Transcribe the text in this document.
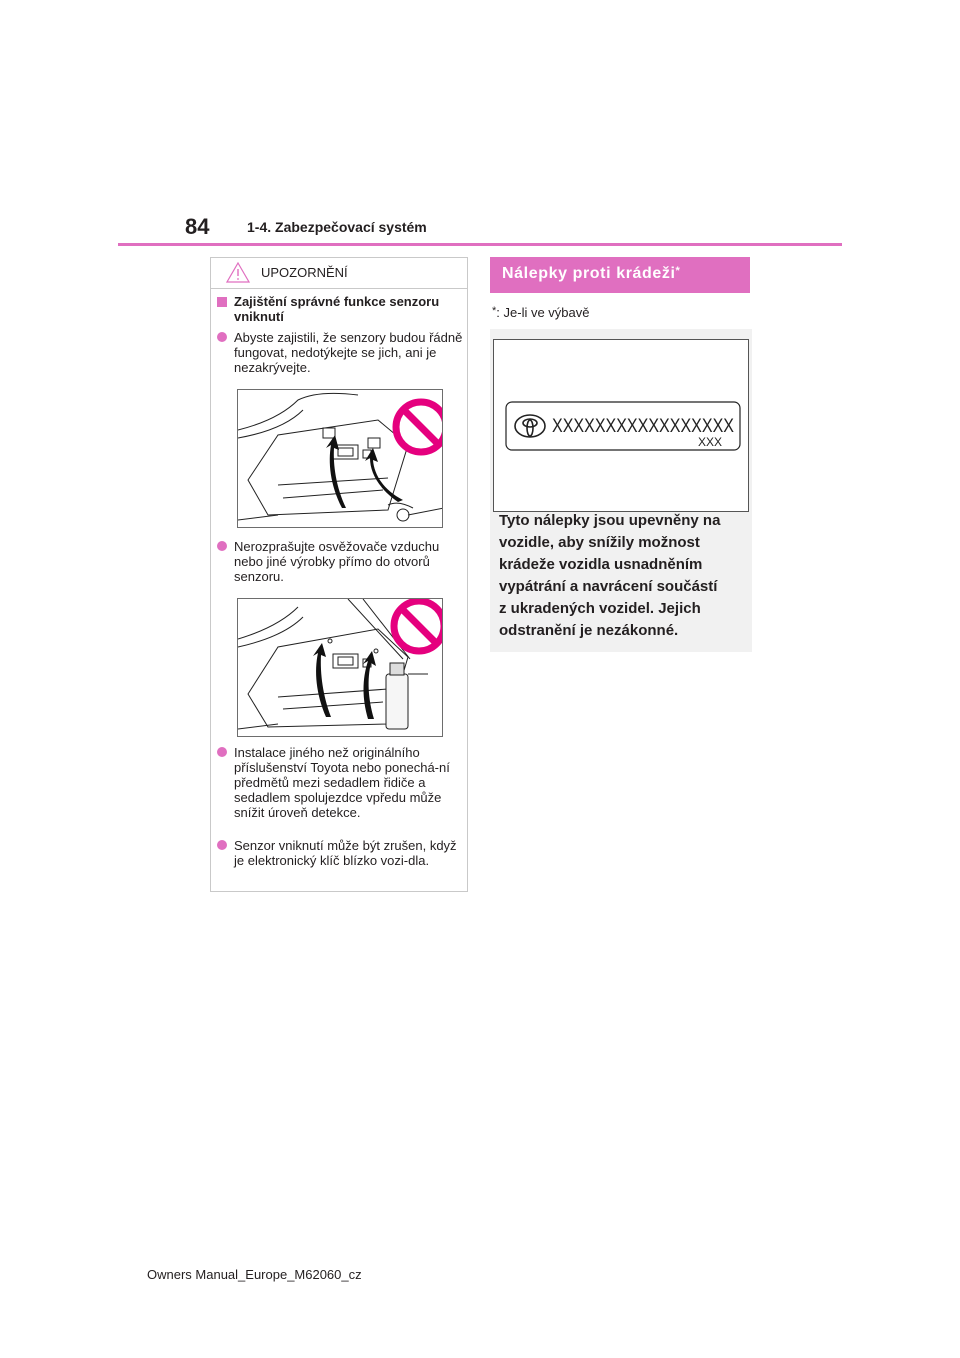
84	1-4. Zabezpečovací systém
UPOZORNĚNÍ
Zajištění správné funkce senzoru vniknutí
Abyste zajistili, že senzory budou řádně fungovat, nedotýkejte se jich, ani je nezakrývejte.
Nerozprašujte osvěžovače vzduchu nebo jiné výrobky přímo do otvorů senzoru.
Instalace jiného než originálního příslušenství Toyota nebo ponechá-ní předmětů mezi sedadlem řidiče a sedadlem spolujezdce vpředu může snížit úroveň detekce.
Senzor vniknutí může být zrušen, když je elektronický klíč blízko vozi-dla.
Nálepky proti krádeži*
*: Je-li ve výbavě
XXXXXXXXXXXXXXXXX
XXX
Tyto nálepky jsou upevněny na
vozidle, aby snížily možnost
krádeže vozidla usnadněním
vypátrání a navrácení součástí
z ukradených vozidel. Jejich
odstranění je nezákonné.
Owners Manual_Europe_M62060_cz
